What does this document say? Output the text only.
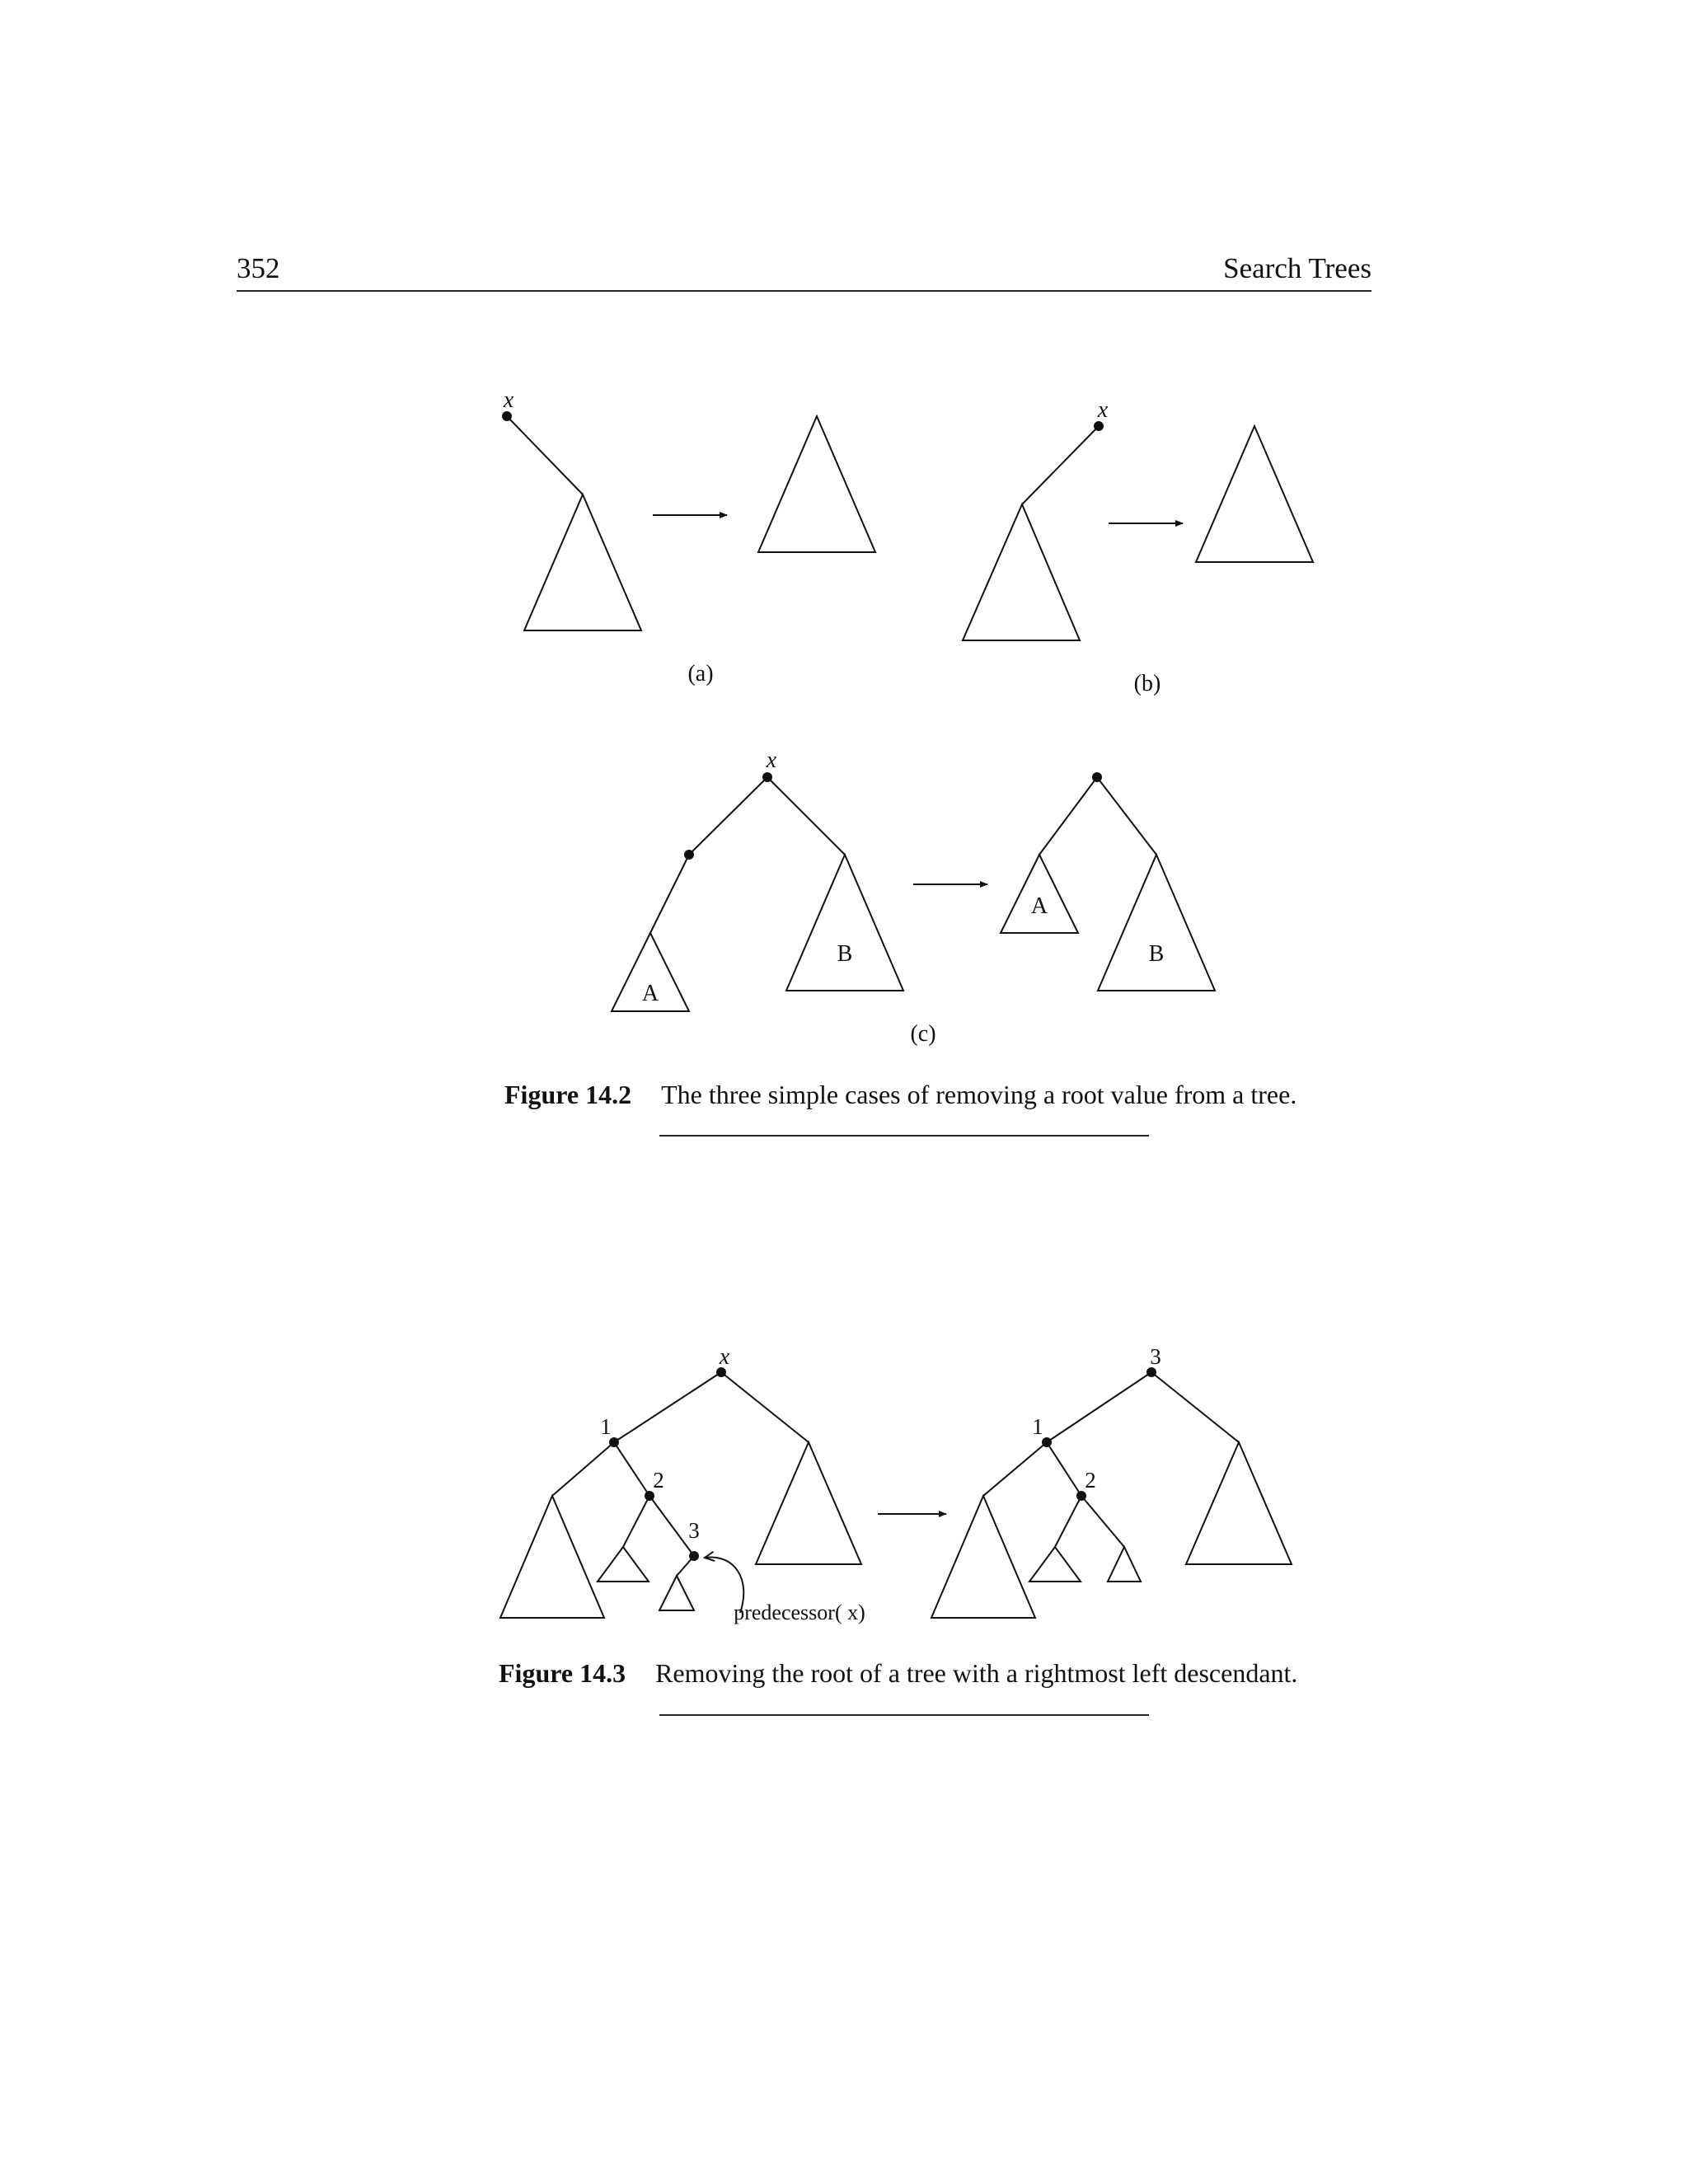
352	Search Trees
x
(a)
x
(b)
x
A
B
A
B
(c)
x
1
2
3
predecessor( x)
3
1
2
Figure 14.2 The three simple cases of removing a root value from a tree.
Figure 14.3 Removing the root of a tree with a rightmost left descendant.
